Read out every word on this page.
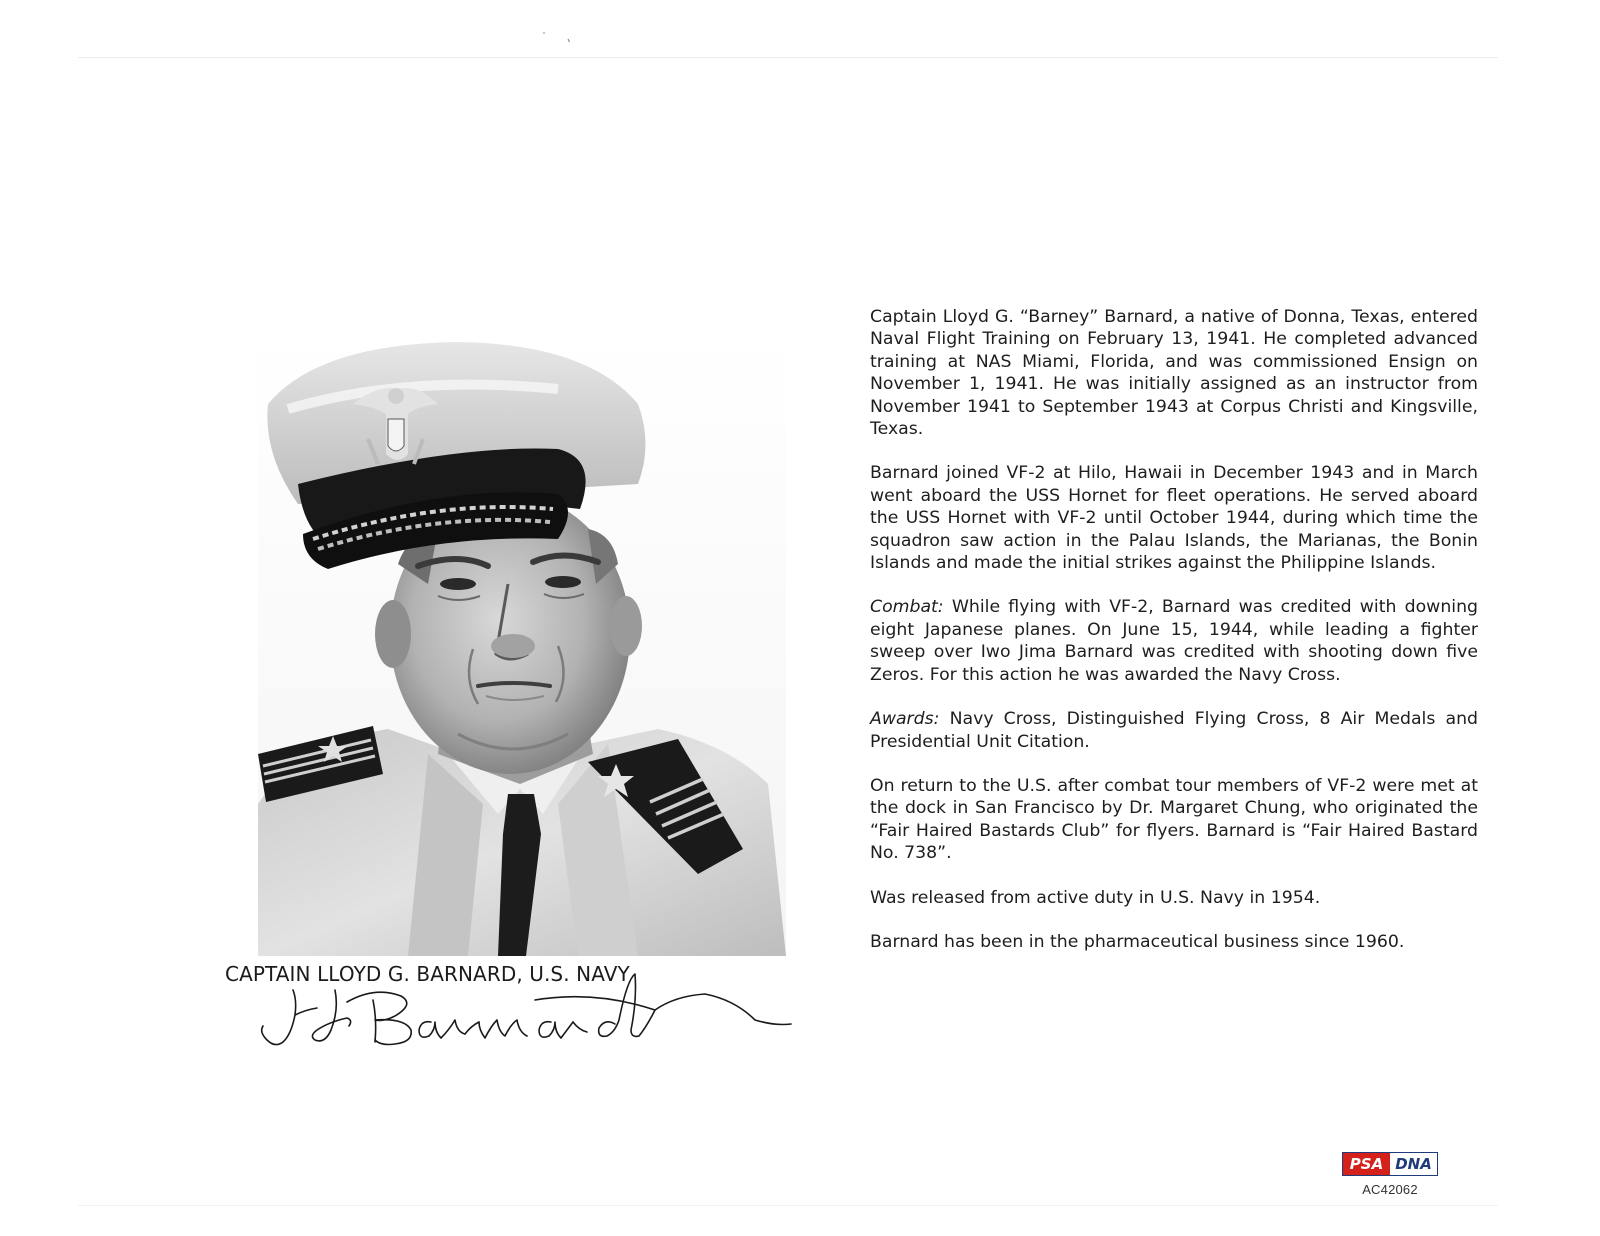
CAPTAIN LLOYD G. BARNARD, U.S. NAVY

Captain Lloyd G. “Barney” Barnard, a native of Donna, Texas, entered Naval Flight Training on February 13, 1941. He completed advanced training at NAS Miami, Florida, and was commissioned Ensign on November 1, 1941. He was initially assigned as an instructor from November 1941 to September 1943 at Corpus Christi and Kingsville, Texas.

Barnard joined VF-2 at Hilo, Hawaii in December 1943 and in March went aboard the USS Hornet for fleet operations. He served aboard the USS Hornet with VF-2 until October 1944, during which time the squadron saw action in the Palau Islands, the Marianas, the Bonin Islands and made the initial strikes against the Philippine Islands.

Combat: While flying with VF-2, Barnard was credited with downing eight Japanese planes. On June 15, 1944, while leading a fighter sweep over Iwo Jima Barnard was credited with shooting down five Zeros. For this action he was awarded the Navy Cross.

Awards: Navy Cross, Distinguished Flying Cross, 8 Air Medals and Presidential Unit Citation.

On return to the U.S. after combat tour members of VF-2 were met at the dock in San Francisco by Dr. Margaret Chung, who originated the “Fair Haired Bastards Club” for flyers. Barnard is “Fair Haired Bastard No. 738”.

Was released from active duty in U.S. Navy in 1954.

Barnard has been in the pharmaceutical business since 1960.

PSA DNA
AC42062
